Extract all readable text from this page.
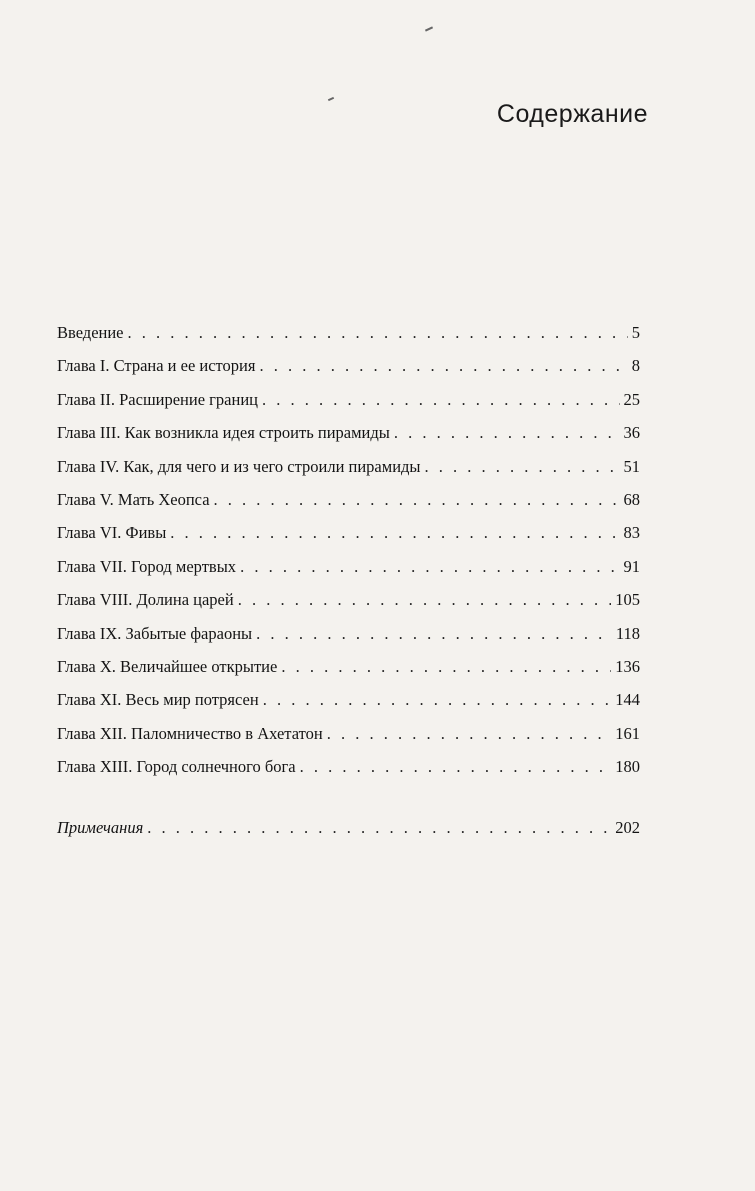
Содержание
Введение . . .	5
Глава I. Страна и ее история . . .	8
Глава II. Расширение границ . . .	25
Глава III. Как возникла идея строить пирамиды . . .	36
Глава IV. Как, для чего и из чего строили пирамиды . . .	51
Глава V. Мать Хеопса . . .	68
Глава VI. Фивы . . .	83
Глава VII. Город мертвых . . .	91
Глава VIII. Долина царей . . .	105
Глава IX. Забытые фараоны . . .	118
Глава X. Величайшее открытие . . .	136
Глава XI. Весь мир потрясен . . .	144
Глава XII. Паломничество в Ахетатон . . .	161
Глава XIII. Город солнечного бога . . .	180
Примечания . . .	202
